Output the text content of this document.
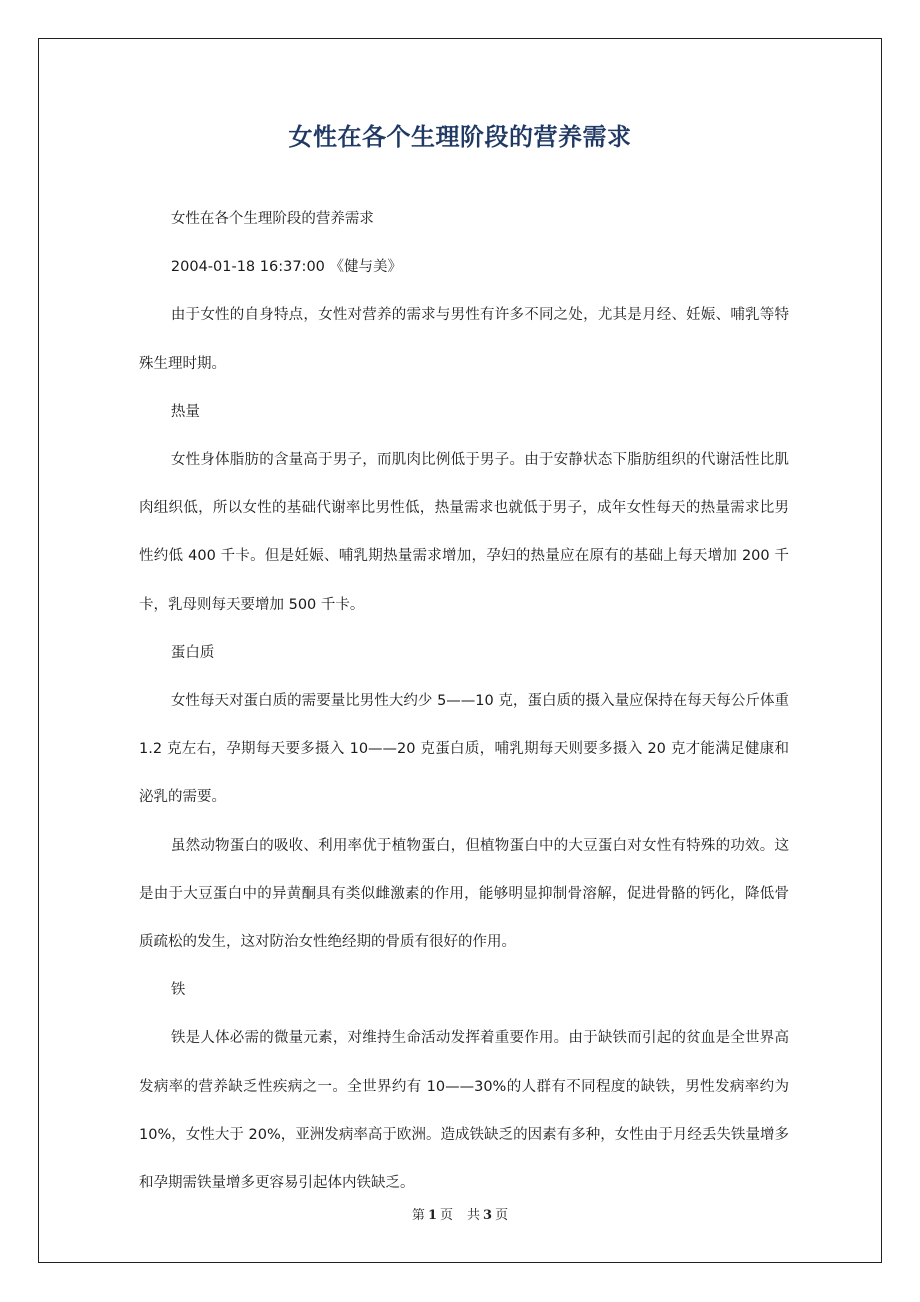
女性在各个生理阶段的营养需求

女性在各个生理阶段的营养需求

2004-01-18 16:37:00 《健与美》

由于女性的自身特点，女性对营养的需求与男性有许多不同之处，尤其是月经、妊娠、哺乳等特殊生理时期。

热量

女性身体脂肪的含量高于男子，而肌肉比例低于男子。由于安静状态下脂肪组织的代谢活性比肌肉组织低，所以女性的基础代谢率比男性低，热量需求也就低于男子，成年女性每天的热量需求比男性约低 400 千卡。但是妊娠、哺乳期热量需求增加，孕妇的热量应在原有的基础上每天增加 200 千卡，乳母则每天要增加 500 千卡。

蛋白质

女性每天对蛋白质的需要量比男性大约少 5——10 克，蛋白质的摄入量应保持在每天每公斤体重 1.2 克左右，孕期每天要多摄入 10——20 克蛋白质，哺乳期每天则要多摄入 20 克才能满足健康和泌乳的需要。

虽然动物蛋白的吸收、利用率优于植物蛋白，但植物蛋白中的大豆蛋白对女性有特殊的功效。这是由于大豆蛋白中的异黄酮具有类似雌激素的作用，能够明显抑制骨溶解，促进骨骼的钙化，降低骨质疏松的发生，这对防治女性绝经期的骨质有很好的作用。

铁

铁是人体必需的微量元素，对维持生命活动发挥着重要作用。由于缺铁而引起的贫血是全世界高发病率的营养缺乏性疾病之一。全世界约有 10——30%的人群有不同程度的缺铁，男性发病率约为 10%，女性大于 20%，亚洲发病率高于欧洲。造成铁缺乏的因素有多种，女性由于月经丢失铁量增多和孕期需铁量增多更容易引起体内铁缺乏。

第 1 页 共 3 页
